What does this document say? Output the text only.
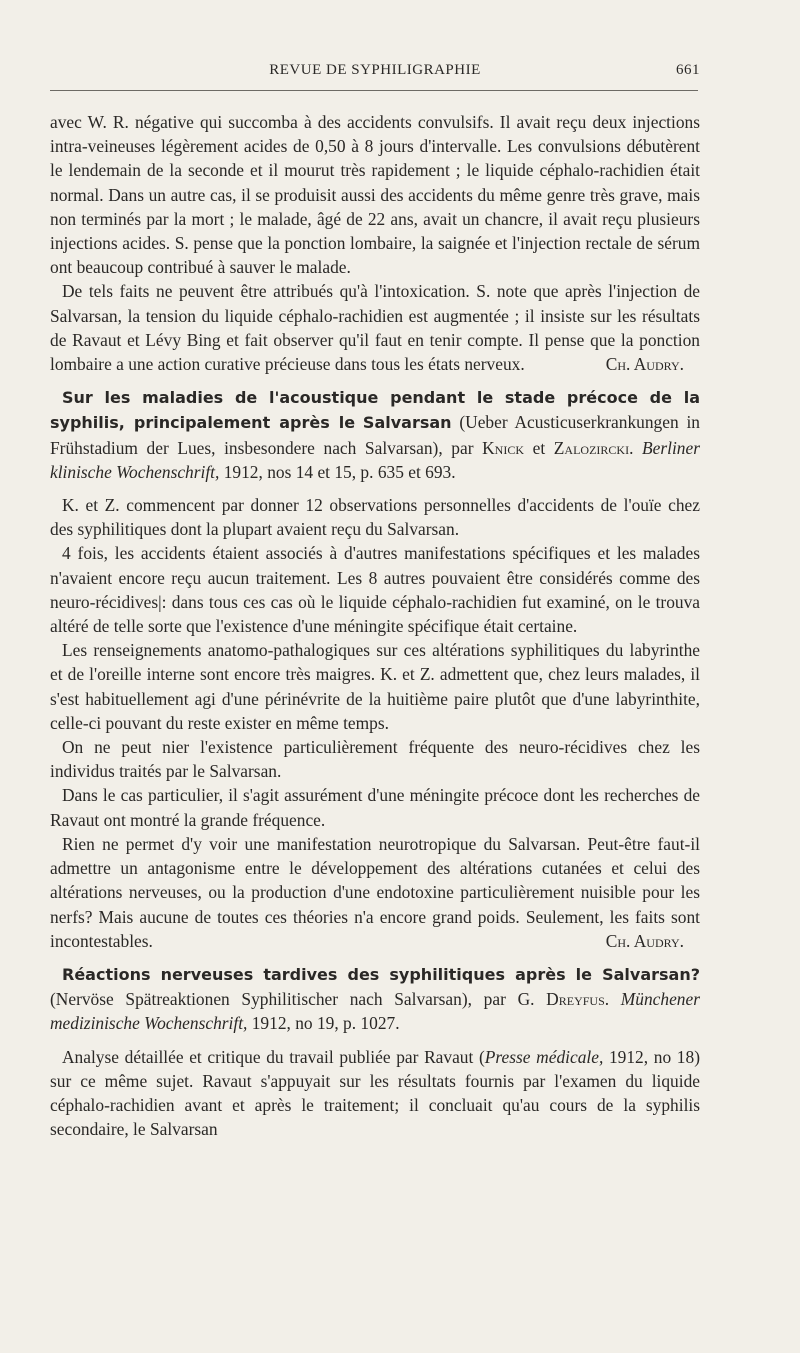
REVUE DE SYPHILIGRAPHIE	661

avec W. R. négative qui succomba à des accidents convulsifs. Il avait reçu deux injections intra-veineuses légèrement acides de 0,50 à 8 jours d'intervalle. Les convulsions débutèrent le lendemain de la seconde et il mourut très rapidement ; le liquide céphalo-rachidien était normal. Dans un autre cas, il se produisit aussi des accidents du même genre très grave, mais non terminés par la mort ; le malade, âgé de 22 ans, avait un chancre, il avait reçu plusieurs injections acides. S. pense que la ponction lombaire, la saignée et l'injection rectale de sérum ont beaucoup contribué à sauver le malade.

De tels faits ne peuvent être attribués qu'à l'intoxication. S. note que après l'injection de Salvarsan, la tension du liquide céphalo-rachidien est augmentée ; il insiste sur les résultats de Ravaut et Lévy Bing et fait observer qu'il faut en tenir compte. Il pense que la ponction lombaire a une action curative précieuse dans tous les états nerveux.	Ch. Audry.

Sur les maladies de l'acoustique pendant le stade précoce de la syphilis, principalement après le Salvarsan (Ueber Acusticuserkrankungen in Frühstadium der Lues, insbesondere nach Salvarsan), par Knick et Zalozircki. Berliner klinische Wochenschrift, 1912, nos 14 et 15, p. 635 et 693.

K. et Z. commencent par donner 12 observations personnelles d'accidents de l'ouïe chez des syphilitiques dont la plupart avaient reçu du Salvarsan.

4 fois, les accidents étaient associés à d'autres manifestations spécifiques et les malades n'avaient encore reçu aucun traitement. Les 8 autres pouvaient être considérés comme des neuro-récidives|: dans tous ces cas où le liquide céphalo-rachidien fut examiné, on le trouva altéré de telle sorte que l'existence d'une méningite spécifique était certaine.

Les renseignements anatomo-pathalogiques sur ces altérations syphilitiques du labyrinthe et de l'oreille interne sont encore très maigres. K. et Z. admettent que, chez leurs malades, il s'est habituellement agi d'une périnévrite de la huitième paire plutôt que d'une labyrinthite, celle-ci pouvant du reste exister en même temps.

On ne peut nier l'existence particulièrement fréquente des neuro-récidives chez les individus traités par le Salvarsan.

Dans le cas particulier, il s'agit assurément d'une méningite précoce dont les recherches de Ravaut ont montré la grande fréquence.

Rien ne permet d'y voir une manifestation neurotropique du Salvarsan. Peut-être faut-il admettre un antagonisme entre le développement des altérations cutanées et celui des altérations nerveuses, ou la production d'une endotoxine particulièrement nuisible pour les nerfs? Mais aucune de toutes ces théories n'a encore grand poids. Seulement, les faits sont incontestables.	Ch. Audry.

Réactions nerveuses tardives des syphilitiques après le Salvarsan? (Nervöse Spätreaktionen Syphilitischer nach Salvarsan), par G. Dreyfus. Münchener medizinische Wochenschrift, 1912, no 19, p. 1027.

Analyse détaillée et critique du travail publiée par Ravaut (Presse médicale, 1912, no 18) sur ce même sujet. Ravaut s'appuyait sur les résultats fournis par l'examen du liquide céphalo-rachidien avant et après le traitement; il concluait qu'au cours de la syphilis secondaire, le Salvarsan
